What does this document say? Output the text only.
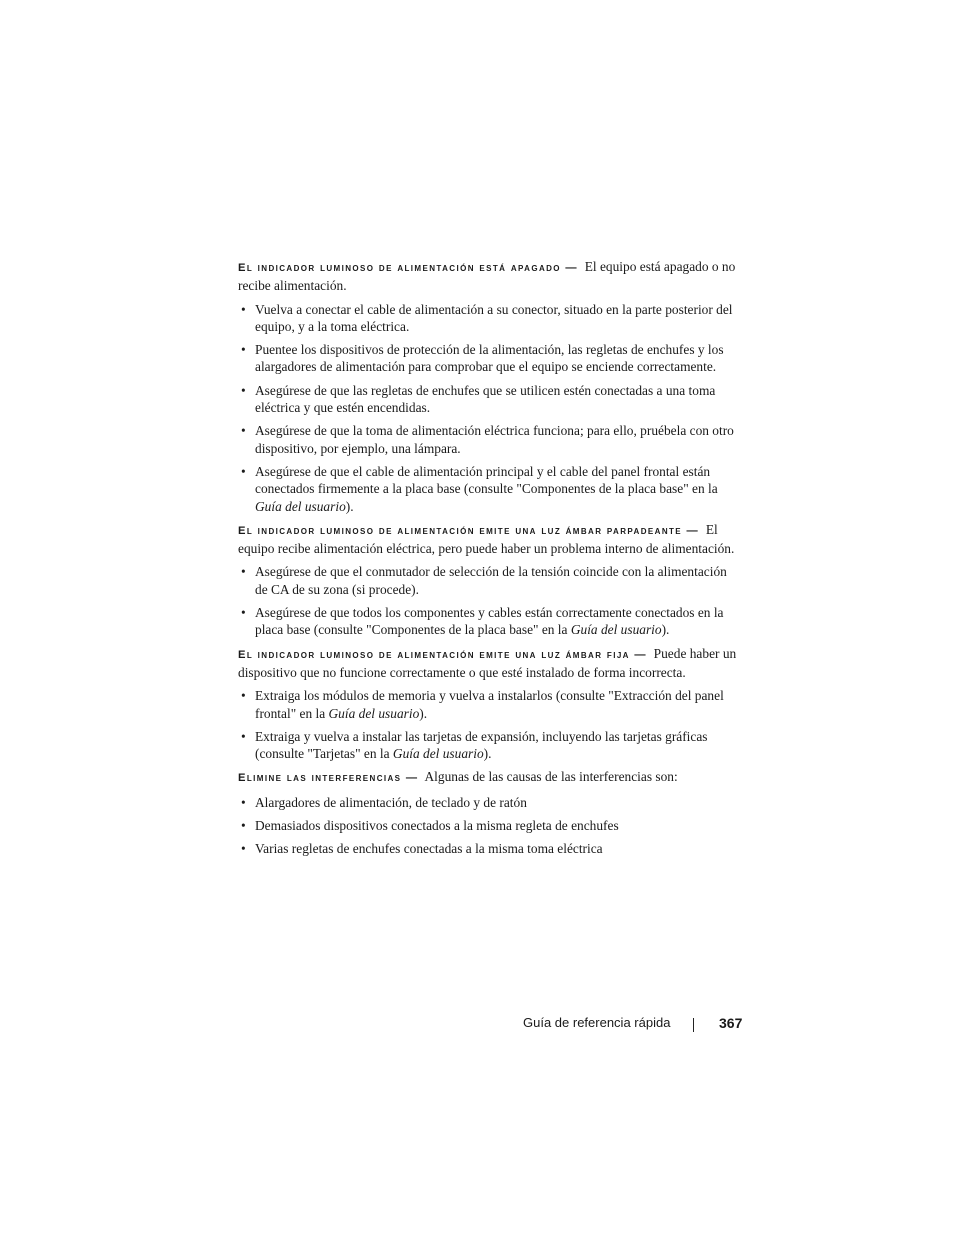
El indicador luminoso de alimentación está apagado — El equipo está apagado o no recibe alimentación.

• Vuelva a conectar el cable de alimentación a su conector, situado en la parte posterior del equipo, y a la toma eléctrica.
• Puentee los dispositivos de protección de la alimentación, las regletas de enchufes y los alargadores de alimentación para comprobar que el equipo se enciende correctamente.
• Asegúrese de que las regletas de enchufes que se utilicen estén conectadas a una toma eléctrica y que estén encendidas.
• Asegúrese de que la toma de alimentación eléctrica funciona; para ello, pruébela con otro dispositivo, por ejemplo, una lámpara.
• Asegúrese de que el cable de alimentación principal y el cable del panel frontal están conectados firmemente a la placa base (consulte "Componentes de la placa base" en la Guía del usuario).

El indicador luminoso de alimentación emite una luz ámbar parpadeante — El equipo recibe alimentación eléctrica, pero puede haber un problema interno de alimentación.

• Asegúrese de que el conmutador de selección de la tensión coincide con la alimentación de CA de su zona (si procede).
• Asegúrese de que todos los componentes y cables están correctamente conectados en la placa base (consulte "Componentes de la placa base" en la Guía del usuario).

El indicador luminoso de alimentación emite una luz ámbar fija — Puede haber un dispositivo que no funcione correctamente o que esté instalado de forma incorrecta.

• Extraiga los módulos de memoria y vuelva a instalarlos (consulte "Extracción del panel frontal" en la Guía del usuario).
• Extraiga y vuelva a instalar las tarjetas de expansión, incluyendo las tarjetas gráficas (consulte "Tarjetas" en la Guía del usuario).

Elimine las interferencias — Algunas de las causas de las interferencias son:

• Alargadores de alimentación, de teclado y de ratón
• Demasiados dispositivos conectados a la misma regleta de enchufes
• Varias regletas de enchufes conectadas a la misma toma eléctrica
Guía de referencia rápida	367
